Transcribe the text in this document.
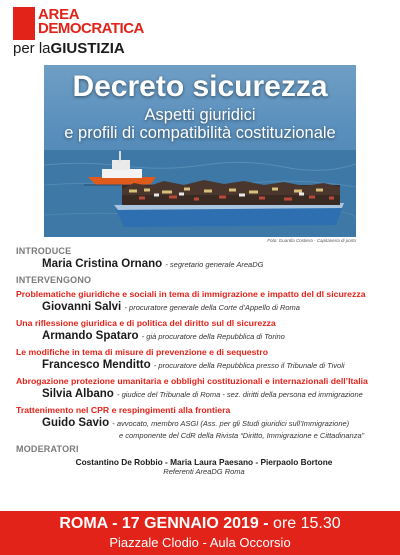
AREA
DEMOCRATICA
per laGIUSTIZIA
Decreto sicurezza
Aspetti giuridici
e profili di compatibilità costituzionale
Foto: Guardia Costiera - Capitaneria di porto
INTRODUCE
Maria Cristina Ornano - segretario generale AreaDG
INTERVENGONO
Problematiche giuridiche e sociali in tema di immigrazione e impatto del dl sicurezza
Giovanni Salvi - procuratore generale della Corte d’Appello di Roma
Una riflessione giuridica e di politica del diritto sul dl sicurezza
Armando Spataro - già procuratore della Repubblica di Torino
Le modifiche in tema di misure di prevenzione e di sequestro
Francesco Menditto - procuratore della Repubblica presso il Tribunale di Tivoli
Abrogazione protezione umanitaria e obblighi costituzionali e internazionali dell’Italia
Silvia Albano - giudice del Tribunale di Roma - sez. diritti della persona ed immigrazione
Trattenimento nel CPR e respingimenti alla frontiera
Guido Savio - avvocato, membro ASGI (Ass. per gli Studi giuridici sull’Immigrazione)
e componente del CdR della Rivista “Diritto, Immigrazione e Cittadinanza”
MODERATORI
Costantino De Robbio - Maria Laura Paesano - Pierpaolo Bortone
Referenti AreaDG Roma
ROMA - 17 GENNAIO 2019 - ore 15.30
Piazzale Clodio - Aula Occorsio
